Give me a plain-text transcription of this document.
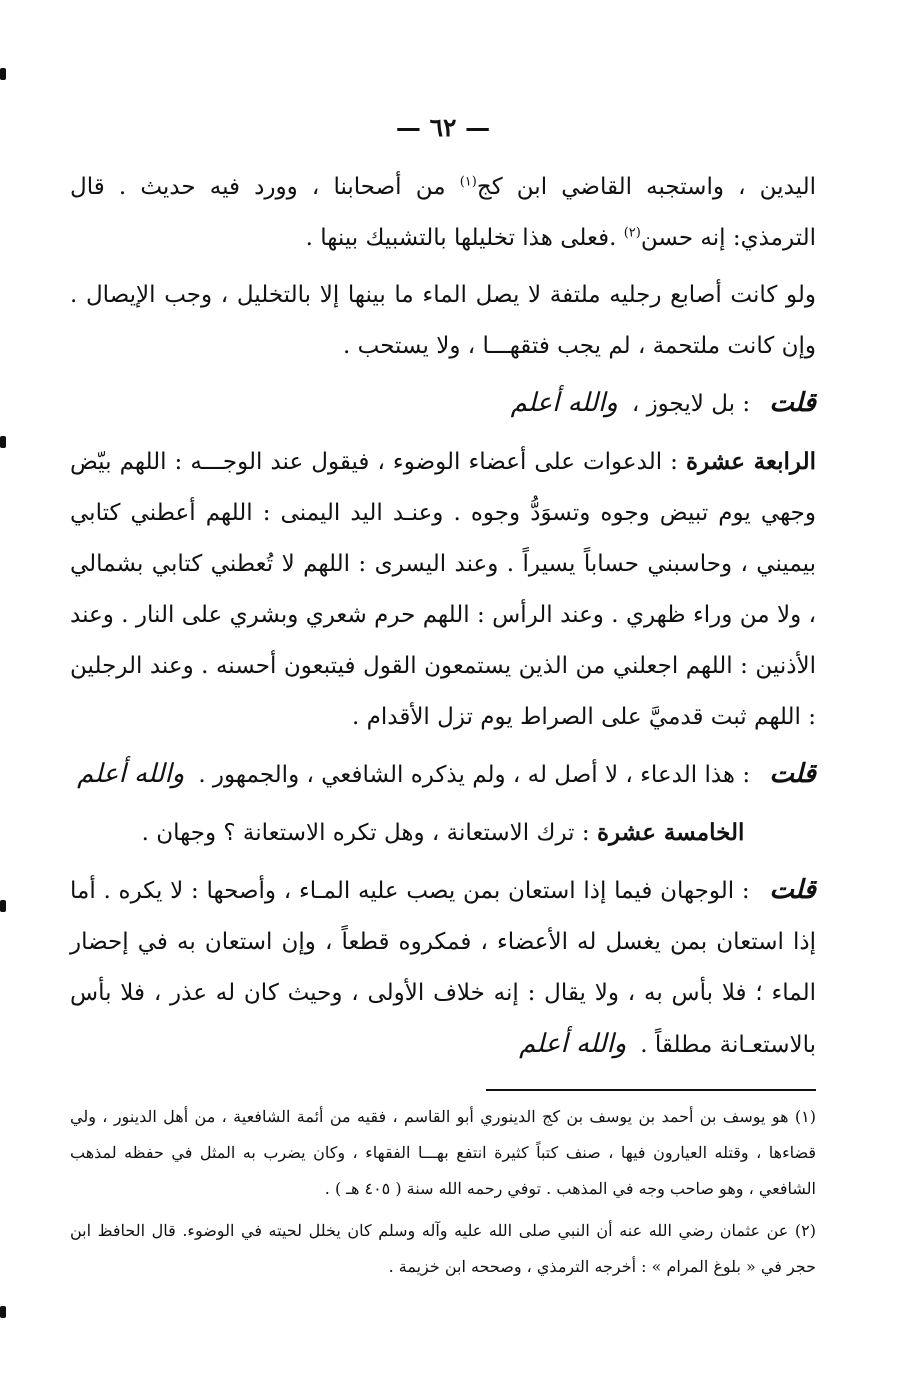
— ٦٢ —

اليدين ، واستجبه القاضي ابن كج$^{(١)}$ من أصحابنا ، وورد فيه حديث . قال الترمذي: إنه حسن$^{(٢)}$ .فعلى هذا تخليلها بالتشبيك بينها .

ولو كانت أصابع رجليه ملتفة لا يصل الماء ما بينها إلا بالتخليل ، وجب الإيصال . وإن كانت ملتحمة ، لم يجب فتقهـــا ، ولا يستحب .

قلت : بل لايجوز ،والله أعلم

الرابعة عشرة : الدعوات على أعضاء الوضوء ، فيقول عند الوجـــه : اللهم بيّض وجهي يوم تبيض وجوه وتسوَدُّ وجوه . وعنـد اليد اليمنى : اللهم أعطني كتابي بيميني ، وحاسبني حساباً يسيراً . وعند اليسرى : اللهم لا تُعطني كتابي بشمالي ، ولا من وراء ظهري . وعند الرأس : اللهم حرم شعري وبشري على النار . وعند الأذنين : اللهم اجعلني من الذين يستمعون القول فيتبعون أحسنه . وعند الرجلين : اللهم ثبت قدميَّ على الصراط يوم تزل الأقدام .

قلت : هذا الدعاء ، لا أصل له ، ولم يذكره الشافعي ، والجمهور .والله أعلم

الخامسة عشرة : ترك الاستعانة ، وهل تكره الاستعانة ؟ وجهان .

قلت : الوجهان فيما إذا استعان بمن يصب عليه المـاء ، وأصحها : لا يكره . أما إذا استعان بمن يغسل له الأعضاء ، فمكروه قطعاً ، وإن استعان به في إحضار الماء ؛ فلا بأس به ، ولا يقال : إنه خلاف الأولى ، وحيث كان له عذر ، فلا بأس بالاستعـانة مطلقاً .والله أعلم

(١) هو يوسف بن أحمد بن يوسف بن كج الدينوري أبو القاسم ، فقيه من أئمة الشافعية ، من أهل الدينور ، ولي قضاءها ، وقتله العيارون فيها ، صنف كتباً كثيرة انتفع بهـــا الفقهاء ، وكان يضرب به المثل في حفظه لمذهب الشافعي ، وهو صاحب وجه في المذهب . توفي رحمه الله سنة ( ٤٠٥ هـ ) .

(٢) عن عثمان رضي الله عنه أن النبي صلى الله عليه وآله وسلم كان يخلل لحيته في الوضوء. قال الحافظ ابن حجر في « بلوغ المرام » : أخرجه الترمذي ، وصححه ابن خزيمة .
